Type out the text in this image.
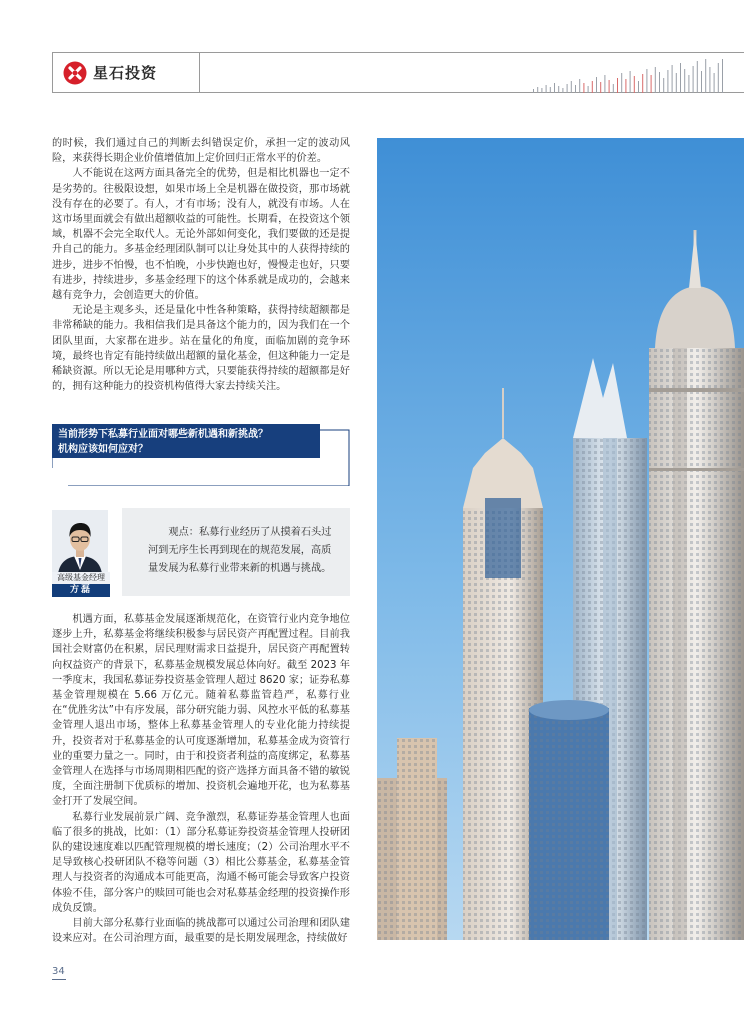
星石投资

的时候，我们通过自己的判断去纠错误定价，承担一定的波动风险，来获得长期企业价值增值加上定价回归正常水平的价差。

人不能说在这两方面具备完全的优势，但是相比机器也一定不是劣势的。往极限设想，如果市场上全是机器在做投资，那市场就没有存在的必要了。有人，才有市场；没有人，就没有市场。人在这市场里面就会有做出超额收益的可能性。长期看，在投资这个领域，机器不会完全取代人。无论外部如何变化，我们要做的还是提升自己的能力。多基金经理团队制可以让身处其中的人获得持续的进步，进步不怕慢，也不怕晚，小步快跑也好，慢慢走也好，只要有进步，持续进步，多基金经理下的这个体系就是成功的，会越来越有竞争力，会创造更大的价值。

无论是主观多头，还是量化中性各种策略，获得持续超额都是非常稀缺的能力。我相信我们是具备这个能力的，因为我们在一个团队里面，大家都在进步。站在量化的角度，面临加剧的竞争环境，最终也肯定有能持续做出超额的量化基金，但这种能力一定是稀缺资源。所以无论是用哪种方式，只要能获得持续的超额都是好的，拥有这种能力的投资机构值得大家去持续关注。

当前形势下私募行业面对哪些新机遇和新挑战？
机构应该如何应对？
高级基金经理
方磊

观点：私募行业经历了从摸着石头过河到无序生长再到现在的规范发展，高质量发展为私募行业带来新的机遇与挑战。

机遇方面，私募基金发展逐渐规范化，在资管行业内竞争地位逐步上升，私募基金将继续积极参与居民资产再配置过程。目前我国社会财富仍在积累，居民理财需求日益提升，居民资产再配置转向权益资产的背景下，私募基金规模发展总体向好。截至 2023 年一季度末，我国私募证券投资基金管理人超过 8620 家；证券私募基金管理规模在 5.66 万亿元。随着私募监管趋严，私募行业在“优胜劣汰”中有序发展，部分研究能力弱、风控水平低的私募基金管理人退出市场，整体上私募基金管理人的专业化能力持续提升，投资者对于私募基金的认可度逐渐增加，私募基金成为资管行业的重要力量之一。同时，由于和投资者利益的高度绑定，私募基金管理人在选择与市场周期相匹配的资产选择方面具备不错的敏锐度，全面注册制下优质标的增加、投资机会遍地开花，也为私募基金打开了发展空间。

私募行业发展前景广阔、竞争激烈，私募证券基金管理人也面临了很多的挑战，比如：（1）部分私募证券投资基金管理人投研团队的建设速度难以匹配管理规模的增长速度；（2）公司治理水平不足导致核心投研团队不稳等问题（3）相比公募基金，私募基金管理人与投资者的沟通成本可能更高，沟通不畅可能会导致客户投资体验不佳，部分客户的赎回可能也会对私募基金经理的投资操作形成负反馈。

目前大部分私募行业面临的挑战都可以通过公司治理和团队建设来应对。在公司治理方面，最重要的是长期发展理念，持续做好

34
